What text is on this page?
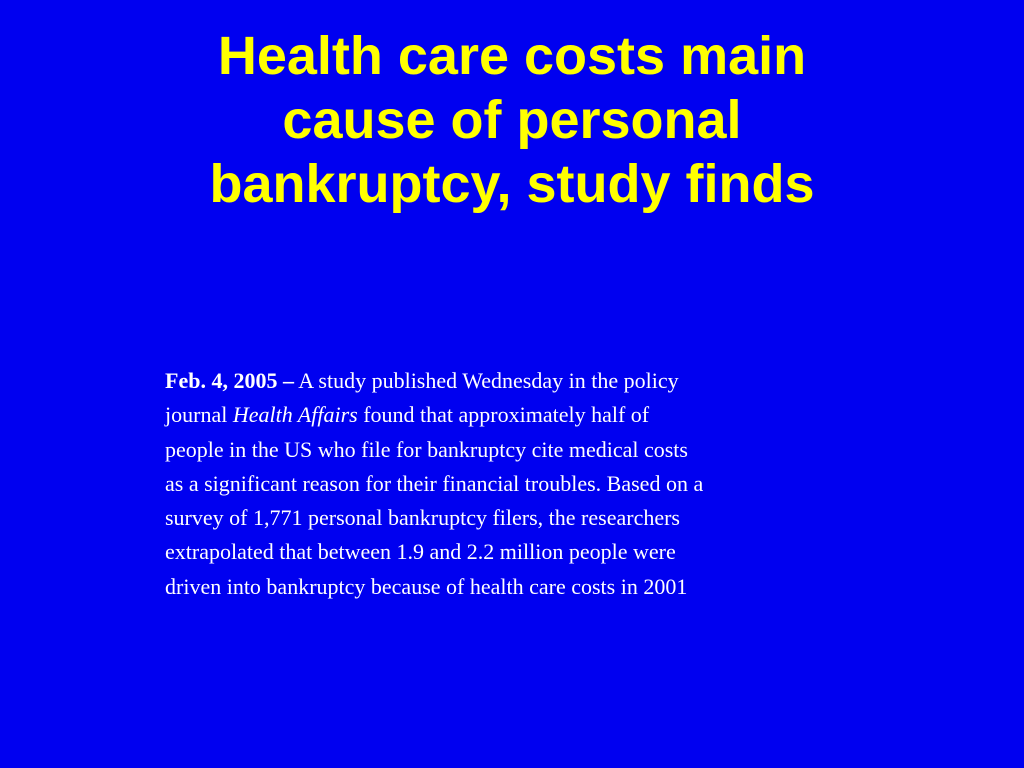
Health care costs main
cause of personal
bankruptcy, study finds

Feb. 4, 2005 – A study published Wednesday in the policy
journal Health Affairs found that approximately half of
people in the US who file for bankruptcy cite medical costs
as a significant reason for their financial troubles. Based on a
survey of 1,771 personal bankruptcy filers, the researchers
extrapolated that between 1.9 and 2.2 million people were
driven into bankruptcy because of health care costs in 2001
